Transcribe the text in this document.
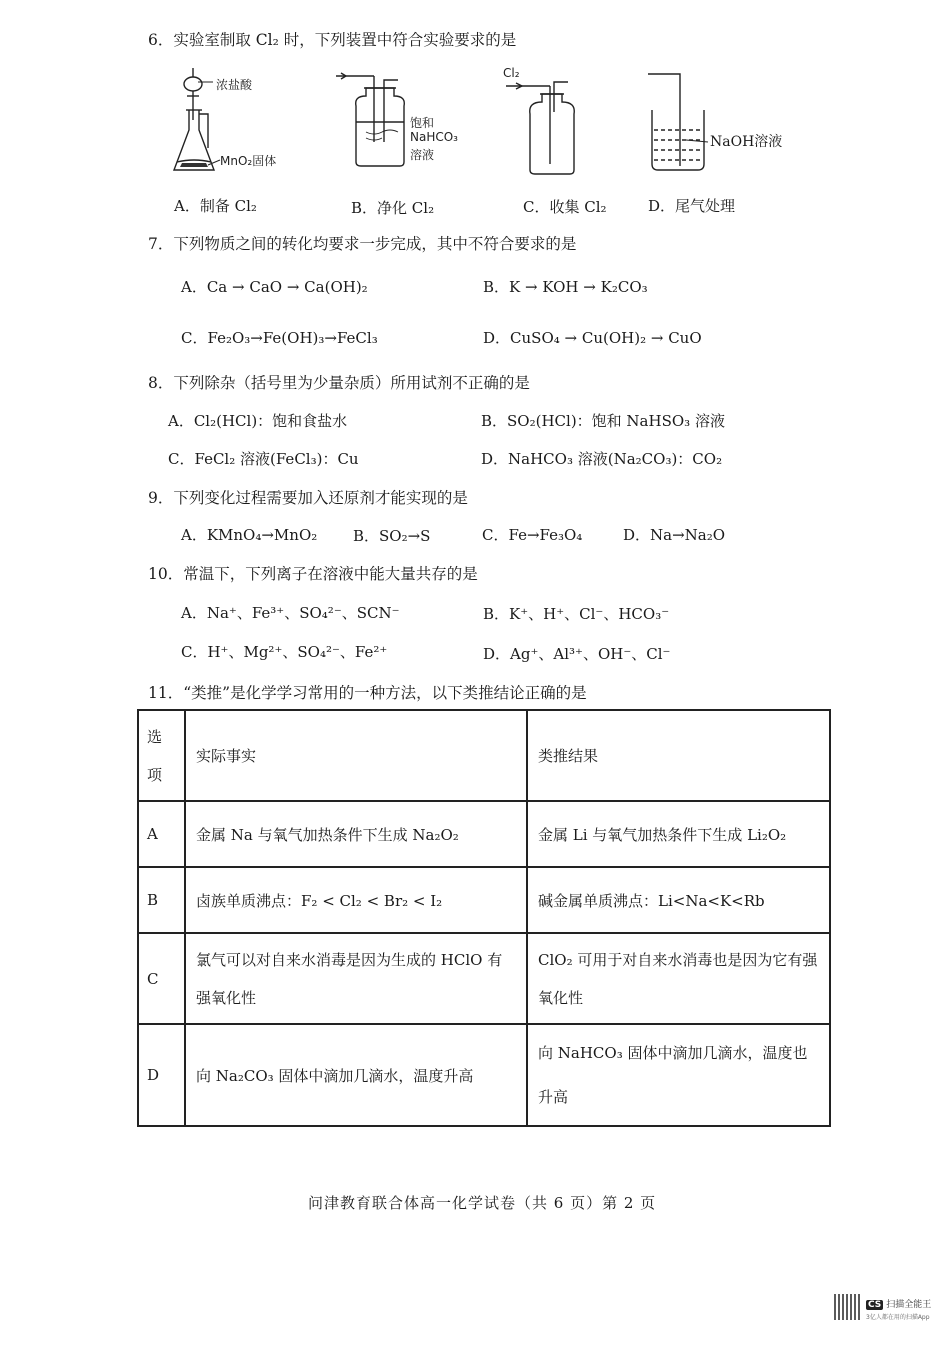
6．实验室制取 Cl₂ 时，下列装置中符合实验要求的是
浓盐酸
MnO₂固体
饱和
NaHCO₃
溶液
Cl₂
NaOH溶液
A．制备 Cl₂	B．净化 Cl₂	C．收集 Cl₂	D．尾气处理
7．下列物质之间的转化均要求一步完成，其中不符合要求的是
A．Ca → CaO → Ca(OH)₂	B．K → KOH → K₂CO₃
C．Fe₂O₃→Fe(OH)₃→FeCl₃	D．CuSO₄ → Cu(OH)₂ → CuO
8．下列除杂（括号里为少量杂质）所用试剂不正确的是
A．Cl₂(HCl)：饱和食盐水	B．SO₂(HCl)：饱和 NaHSO₃ 溶液
C．FeCl₂ 溶液(FeCl₃)：Cu	D．NaHCO₃ 溶液(Na₂CO₃)：CO₂
9．下列变化过程需要加入还原剂才能实现的是
A．KMnO₄→MnO₂ B．SO₂→S	C．Fe→Fe₃O₄	D．Na→Na₂O
10．常温下，下列离子在溶液中能大量共存的是
A．Na⁺、Fe³⁺、SO₄²⁻、SCN⁻	B．K⁺、H⁺、Cl⁻、HCO₃⁻
C．H⁺、Mg²⁺、SO₄²⁻、Fe²⁺	D．Ag⁺、Al³⁺、OH⁻、Cl⁻
11．“类推”是化学学习常用的一种方法，以下类推结论正确的是
选项	实际事实	类推结果
A	金属 Na 与氧气加热条件下生成 Na₂O₂	金属 Li 与氧气加热条件下生成 Li₂O₂
B	卤族单质沸点：F₂ < Cl₂ < Br₂ < I₂	碱金属单质沸点：Li<Na<K<Rb
C	氯气可以对自来水消毒是因为生成的 HClO 有强氧化性	ClO₂ 可用于对自来水消毒也是因为它有强氧化性
D	向 Na₂CO₃ 固体中滴加几滴水，温度升高	向 NaHCO₃ 固体中滴加几滴水，温度也升高
问津教育联合体高一化学试卷（共 6 页）第 2 页
CS 扫描全能王
3亿人都在用的扫描App
